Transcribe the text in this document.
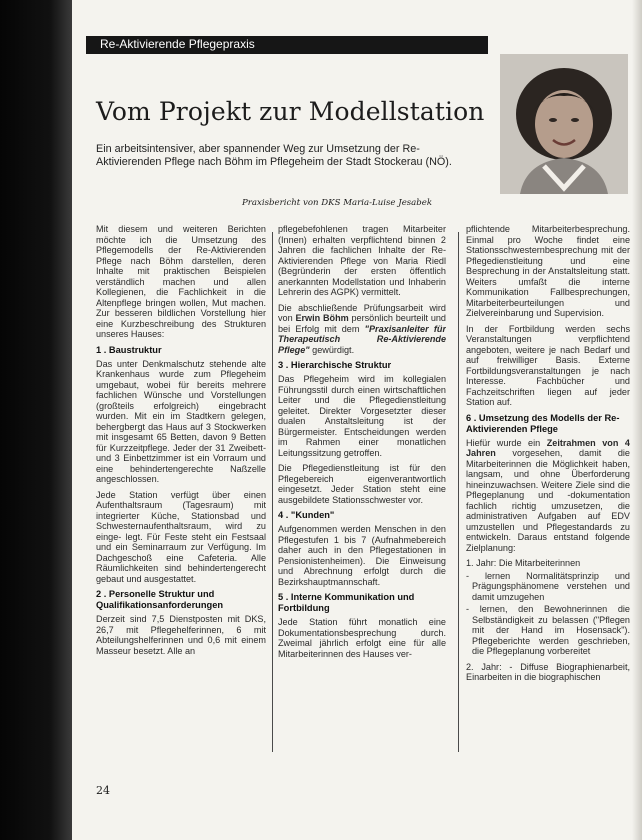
Re-Aktivierende Pflegepraxis
Vom Projekt zur Modellstation
Ein arbeitsintensiver, aber spannender Weg zur Umsetzung der Re-Aktivierenden Pflege nach Böhm im Pflegeheim der Stadt Stockerau (NÖ).
Praxisbericht von DKS Maria-Luise Jesabek

Mit diesem und weiteren Berichten möchte ich die Umsetzung des Pflegemodells der Re-Aktivierenden Pflege nach Böhm darstellen, deren Inhalte mit praktischen Beispielen verständlich machen und allen Kollegienen, die Fachlichkeit in die Altenpflege bringen wollen, Mut machen. Zur besseren bildlichen Vorstellung hier eine Kurzbeschreibung des Strukturen unseres Hauses:

1 . Baustruktur

Das unter Denkmalschutz stehende alte Krankenhaus wurde zum Pflegeheim umgebaut, wobei für bereits mehrere fachlichen Wünsche und Vorstellungen (großteils erfolgreich) eingebracht wurden. Mit ein im Stadtkern gelegen, behergbergt das Haus auf 3 Stockwerken mit insgesamt 65 Betten, davon 9 Betten für Kurzzeitpflege. Jeder der 31 Zweibett- und 3 Einbettzimmer ist ein Vorraum und eine behindertengerechte Naßzelle angeschlossen.

Jede Station verfügt über einen Aufenthaltsraum (Tagesraum) mit integrierter Küche, Stationsbad und Schwesternaufenthaltsraum, wird zu einge- legt. Für Feste steht ein Festsaal und ein Seminarraum zur Verfügung. Im Dachgeschoß eine Cafeteria. Alle Räumlichkeiten sind behindertengerecht gebaut und ausgestattet.

2 . Personelle Struktur und Qualifikationsanforderungen

Derzeit sind 7,5 Dienstposten mit DKS, 26,7 mit Pflegehelferinnen, 6 mit Abteilungshelferinnen und 0,6 mit einem Masseur besetzt. Alle an

pflegebefohlenen tragen Mitarbeiter (Innen) erhalten verpflichtend binnen 2 Jahren die fachlichen Inhalte der Re-Aktivierenden Pflege von Maria Riedl (Begründerin der ersten öffentlich anerkannten Modellstation und Inhaberin Lehrerin des AGPK) vermittelt.

Die abschließende Prüfungsarbeit wird von Erwin Böhm persönlich beurteilt und bei Erfolg mit dem "Praxisanleiter für Therapeutisch Re-Aktivierende Pflege" gewürdigt.

3 . Hierarchische Struktur

Das Pflegeheim wird im kollegialen Führungsstil durch einen wirtschaftlichen Leiter und die Pflegedienstleitung geleitet. Direkter Vorgesetzter dieser dualen Anstaltsleitung ist der Bürgermeister. Entscheidungen werden im Rahmen einer monatlichen Leitungssitzung getroffen.

Die Pflegedienstleitung ist für den Pflegebereich eigenverantwortlich eingesetzt. Jeder Station steht eine ausgebildete Stationsschwester vor.

4 . "Kunden"

Aufgenommen werden Menschen in den Pflegestufen 1 bis 7 (Aufnahmebereich daher auch in den Pflegestationen in Pensionistenheimen). Die Einweisung und Abrechnung erfolgt durch die Bezirkshauptmannschaft.

5 . Interne Kommunikation und Fortbildung

Jede Station führt monatlich eine Dokumentationsbesprechung durch. Zweimal jährlich erfolgt eine für alle Mitarbeiterinnen des Hauses ver-

pflichtende Mitarbeiterbesprechung. Einmal pro Woche findet eine Stationsschwesternbesprechung mit der Pflegedienstleitung und eine Besprechung in der Anstaltsleitung statt. Weiters umfaßt die interne Kommunikation Fallbesprechungen, Mitarbeiterbeurteilungen und Zielvereinbarung und Supervision.

In der Fortbildung werden sechs Veranstaltungen verpflichtend angeboten, weitere je nach Bedarf und auf freiwilliger Basis. Externe Fortbildungsveranstaltungen je nach Interesse. Fachbücher und Fachzeitschriften liegen auf jeder Station auf.

6 . Umsetzung des Modells der Re-Aktivierenden Pflege

Hiefür wurde ein Zeitrahmen von 4 Jahren vorgesehen, damit die Mitarbeiterinnen die Möglichkeit haben, langsam, und ohne Überforderung hineinzuwachsen. Weitere Ziele sind die Pflegeplanung und -dokumentation fachlich richtig umzusetzen, die administrativen Aufgaben auf EDV umzustellen und Pflegestandards zu entwickeln. Daraus entstand folgende Zielplanung:

1. Jahr: Die Mitarbeiterinnen

- lernen Normalitätsprinzip und Prägungsphänomene verstehen und damit umzugehen

- lernen, den Bewohnerinnen die Selbständigkeit zu belassen ("Pflegen mit der Hand im Hosensack"). Pflegeberichte werden geschrieben, die Pflegeplanung vorbereitet

2. Jahr: - Diffuse Biographienarbeit, Einarbeiten in die biographischen

24
